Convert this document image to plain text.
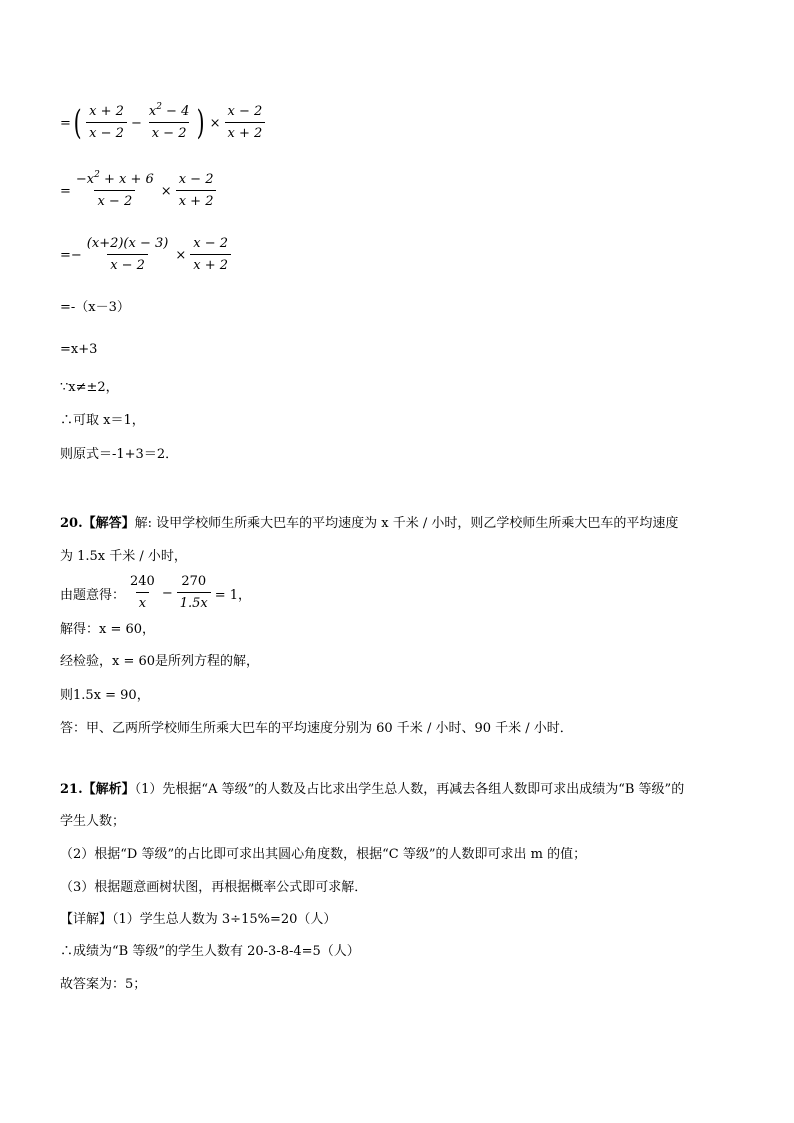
= ( $\frac{x + 2}{x - 2} - \frac{x^2 - 4}{x - 2}$ ) × $\frac{x - 2}{x + 2}$
= $\frac{-x^2 + x + 6}{x - 2} \times \frac{x - 2}{x + 2}$
=− $\frac{(x+2)(x - 3)}{x - 2} \times \frac{x - 2}{x + 2}$
=-（x－3）
=x+3
∵x≠±2，
∴可取 x＝1，
则原式＝-1+3＝2．
20.【解答】解: 设甲学校师生所乘大巴车的平均速度为 x 千米 / 小时，则乙学校师生所乘大巴车的平均速度
为 1.5x 千米 / 小时，
由题意得： $\frac{240}{x} - \frac{270}{1.5x} = 1$，
解得：x = 60，
经检验，x = 60是所列方程的解，
则1.5x = 90，
答：甲、乙两所学校师生所乘大巴车的平均速度分别为 60 千米 / 小时、90 千米 / 小时．
21.【解析】（1）先根据“A 等级”的人数及占比求出学生总人数，再减去各组人数即可求出成绩为“B 等级”的
学生人数；
（2）根据“D 等级”的占比即可求出其圆心角度数，根据“C 等级”的人数即可求出 m 的值；
（3）根据题意画树状图，再根据概率公式即可求解．
【详解】（1）学生总人数为 3÷15%=20（人）
∴成绩为“B 等级”的学生人数有 20-3-8-4=5（人）
故答案为：5；
